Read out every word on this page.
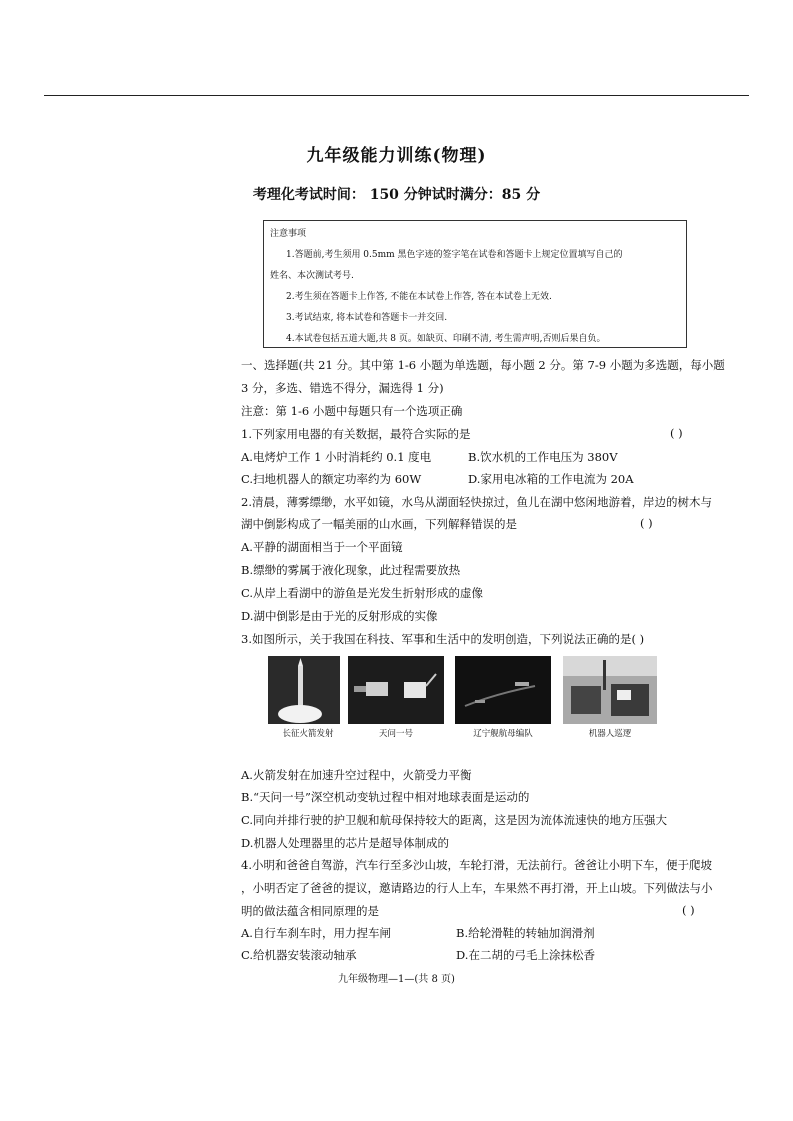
九年级能力训练(物理)
考理化考试时间： 150 分钟试时满分：85 分
注意事项
1.答题前,考生须用 0.5mm 黑色字迹的签字笔在试卷和答题卡上规定位置填写自己的
姓名、本次测试考号.
2.考生须在答题卡上作答, 不能在本试卷上作答, 答在本试卷上无效.
3.考试结束, 将本试卷和答题卡一并交回.
4.本试卷包括五道大题,共 8 页。如缺页、印刷不清, 考生需声明,否则后果自负。
一、选择题(共 21 分。其中第 1-6 小题为单选题，每小题 2 分。第 7-9 小题为多选题，每小题
3 分，多选、错选不得分，漏选得 1 分)
注意：第 1-6 小题中每题只有一个选项正确
1.下列家用电器的有关数据，最符合实际的是	( )
A.电烤炉工作 1 小时消耗约 0.1 度电	B.饮水机的工作电压为 380V
C.扫地机器人的额定功率约为 60W	D.家用电冰箱的工作电流为 20A
2.清晨，薄雾缥缈，水平如镜，水鸟从湖面轻快掠过，鱼儿在湖中悠闲地游着，岸边的树木与
湖中倒影构成了一幅美丽的山水画，下列解释错误的是	( )
A.平静的湖面相当于一个平面镜
B.缥缈的雾属于液化现象，此过程需要放热
C.从岸上看湖中的游鱼是光发生折射形成的虚像
D.湖中倒影是由于光的反射形成的实像
3.如图所示，关于我国在科技、军事和生活中的发明创造，下列说法正确的是( )
长征火箭发射	天问一号	辽宁舰航母编队	机器人巡逻
A.火箭发射在加速升空过程中，火箭受力平衡
B.“天问一号”深空机动变轨过程中相对地球表面是运动的
C.同向并排行驶的护卫舰和航母保持较大的距离，这是因为流体流速快的地方压强大
D.机器人处理器里的芯片是超导体制成的
4.小明和爸爸自驾游，汽车行至多沙山坡，车轮打滑，无法前行。爸爸让小明下车，便于爬坡
，小明否定了爸爸的提议，邀请路边的行人上车，车果然不再打滑，开上山坡。下列做法与小
明的做法蕴含相同原理的是	( )
A.自行车刹车时，用力捏车闸	B.给轮滑鞋的转轴加润滑剂
C.给机器安装滚动轴承	D.在二胡的弓毛上涂抹松香
九年级物理—1—(共 8 页)
